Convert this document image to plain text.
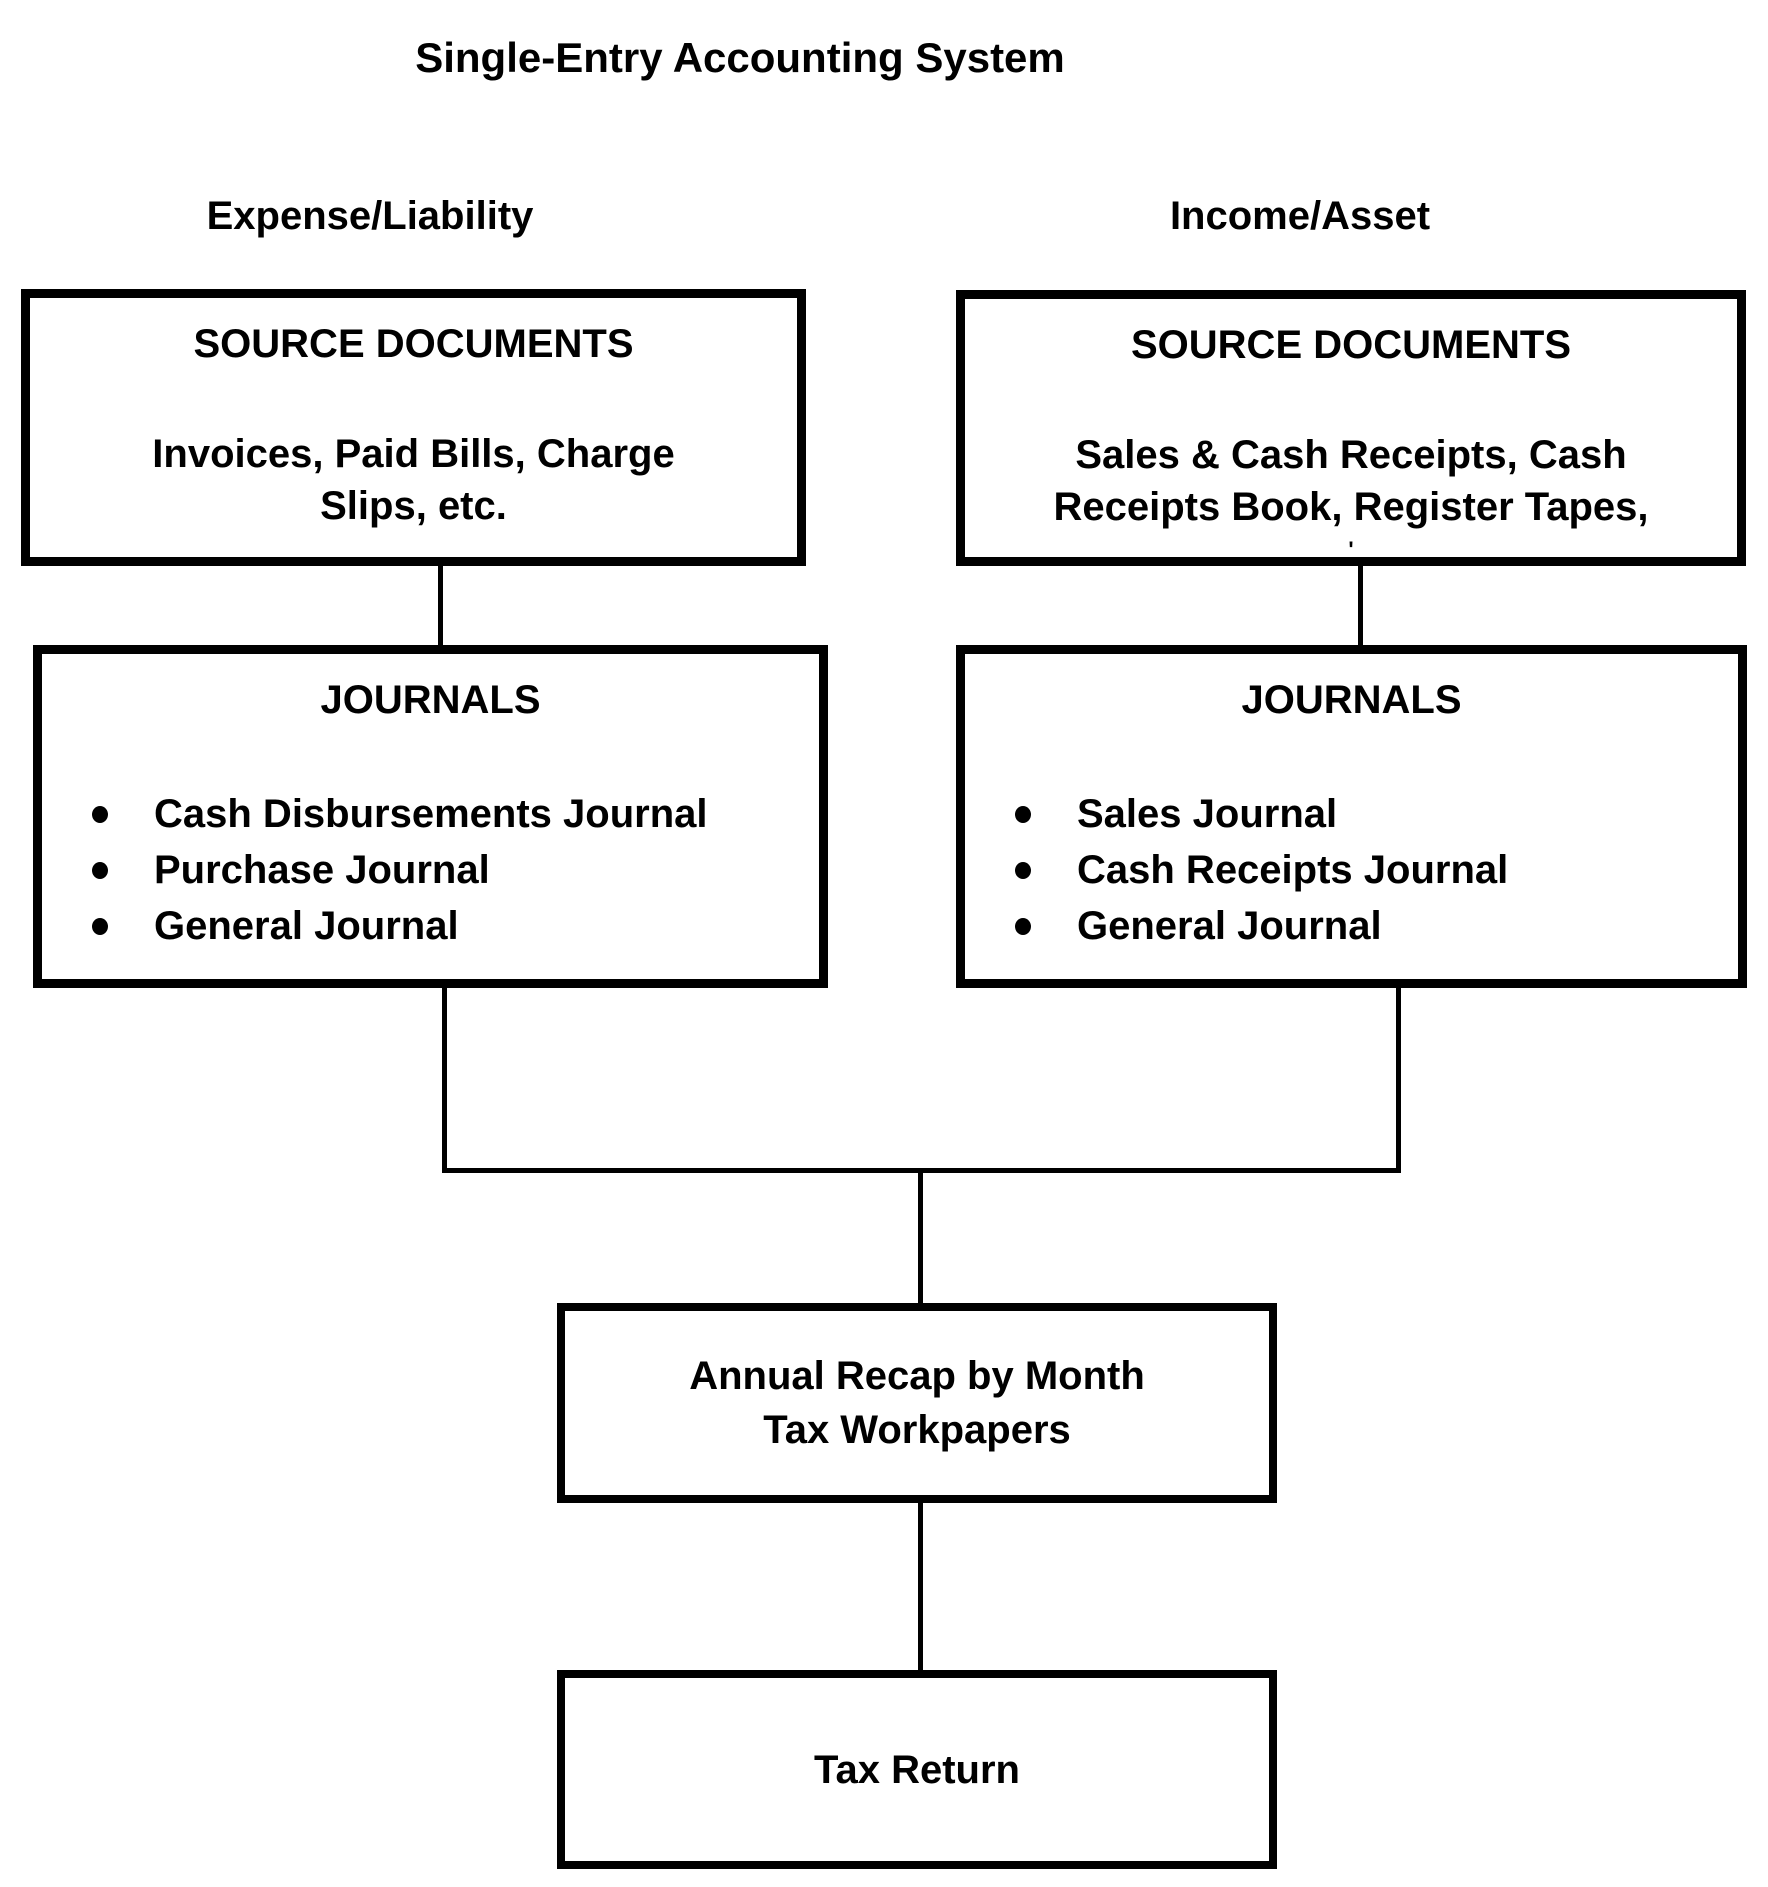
Single-Entry Accounting System
Expense/Liability	Income/Asset
SOURCE DOCUMENTS
Invoices, Paid Bills, Charge
Slips, etc.
SOURCE DOCUMENTS
Sales & Cash Receipts, Cash
Receipts Book, Register Tapes,
'
JOURNALS
Cash Disbursements Journal
Purchase Journal
General Journal
JOURNALS
Sales Journal
Cash Receipts Journal
General Journal
Annual Recap by Month
Tax Workpapers
Tax Return
